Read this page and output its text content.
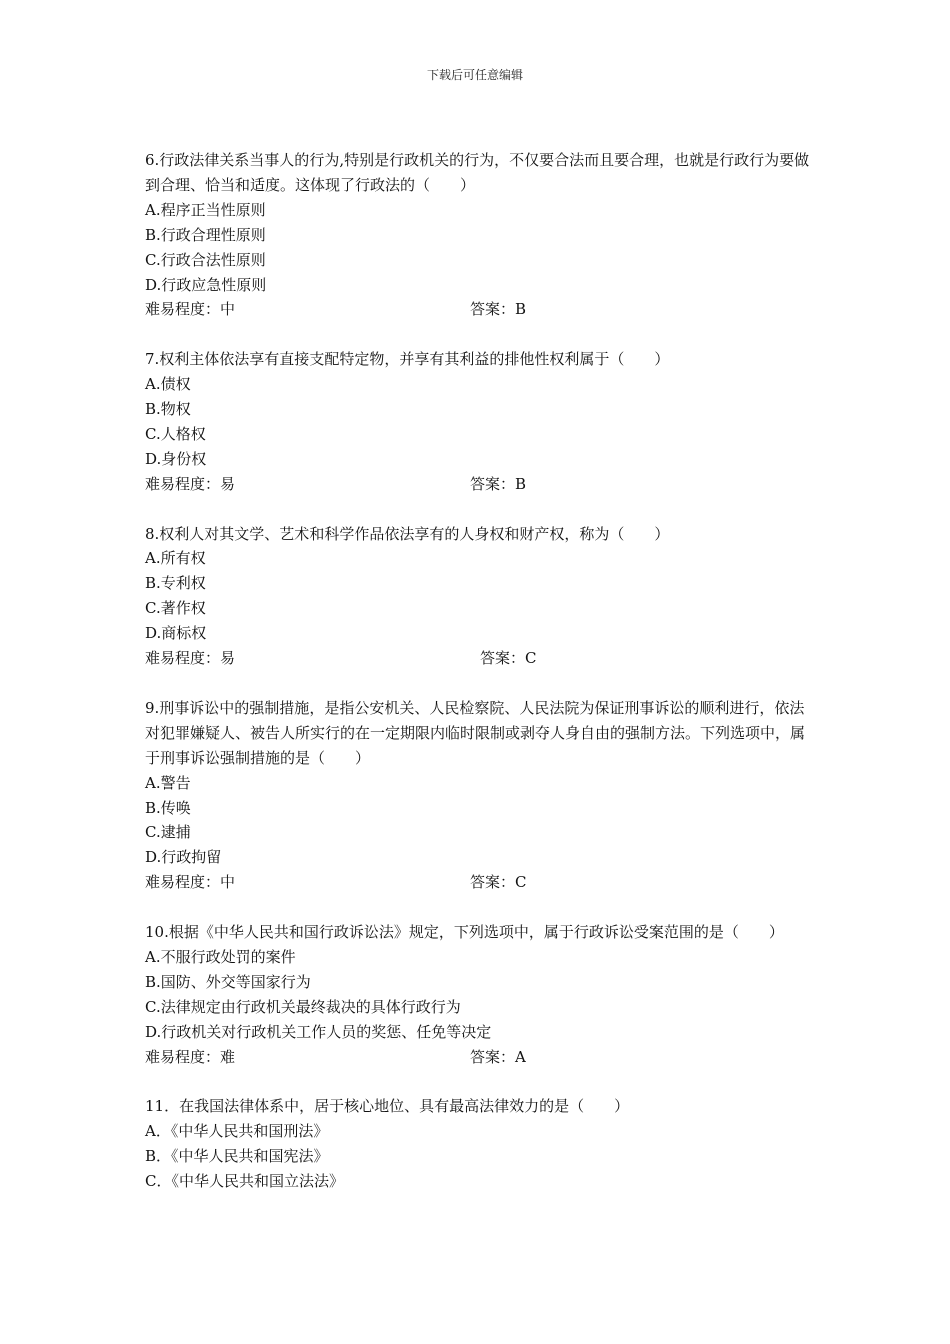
下载后可任意编辑

6.行政法律关系当事人的行为,特别是行政机关的行为，不仅要合法而且要合理，也就是行政行为要做到合理、恰当和适度。这体现了行政法的（　　）

A.程序正当性原则

B.行政合理性原则

C.行政合法性原则

D.行政应急性原则

难易程度：中	答案：B

7.权利主体依法享有直接支配特定物，并享有其利益的排他性权利属于（　　）

A.债权

B.物权

C.人格权

D.身份权

难易程度：易	答案：B

8.权利人对其文学、艺术和科学作品依法享有的人身权和财产权，称为（　　）

A.所有权

B.专利权

C.著作权

D.商标权

难易程度：易	答案：C

9.刑事诉讼中的强制措施，是指公安机关、人民检察院、人民法院为保证刑事诉讼的顺利进行，依法对犯罪嫌疑人、被告人所实行的在一定期限内临时限制或剥夺人身自由的强制方法。下列选项中，属于刑事诉讼强制措施的是（　　）

A.警告

B.传唤

C.逮捕

D.行政拘留

难易程度：中	答案：C

10.根据《中华人民共和国行政诉讼法》规定，下列选项中，属于行政诉讼受案范围的是（　　）

A.不服行政处罚的案件

B.国防、外交等国家行为

C.法律规定由行政机关最终裁决的具体行政行为

D.行政机关对行政机关工作人员的奖惩、任免等决定

难易程度：难	答案：A

11．在我国法律体系中，居于核心地位、具有最高法律效力的是（　　）

A．《中华人民共和国刑法》

B．《中华人民共和国宪法》

C．《中华人民共和国立法法》
